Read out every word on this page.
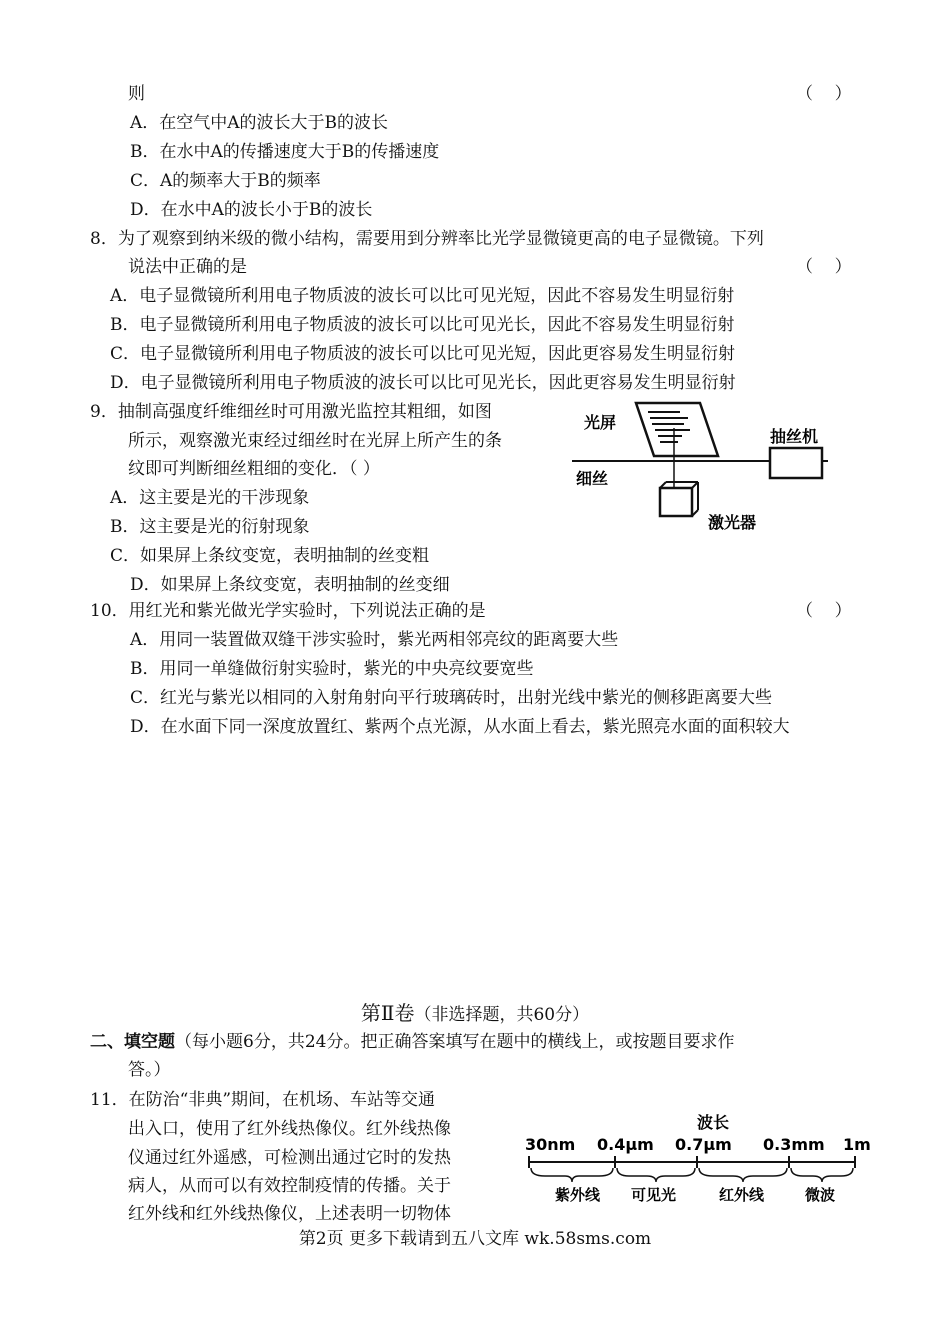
则	（    ）
A．在空气中A的波长大于B的波长
B．在水中A的传播速度大于B的传播速度
C．A的频率大于B的频率
D．在水中A的波长小于B的波长
8．为了观察到纳米级的微小结构，需要用到分辨率比光学显微镜更高的电子显微镜。下列
说法中正确的是	（    ）
A．电子显微镜所利用电子物质波的波长可以比可见光短，因此不容易发生明显衍射
B．电子显微镜所利用电子物质波的波长可以比可见光长，因此不容易发生明显衍射
C．电子显微镜所利用电子物质波的波长可以比可见光短，因此更容易发生明显衍射
D．电子显微镜所利用电子物质波的波长可以比可见光长，因此更容易发生明显衍射
9．抽制高强度纤维细丝时可用激光监控其粗细，如图
所示，观察激光束经过细丝时在光屏上所产生的条
纹即可判断细丝粗细的变化．（ ）
A．这主要是光的干涉现象
B．这主要是光的衍射现象
C．如果屏上条纹变宽，表明抽制的丝变粗
D．如果屏上条纹变宽，表明抽制的丝变细
光屏
抽丝机
细丝
激光器
10．用红光和紫光做光学实验时，下列说法正确的是	（    ）
A．用同一装置做双缝干涉实验时，紫光两相邻亮纹的距离要大些
B．用同一单缝做衍射实验时，紫光的中央亮纹要宽些
C．红光与紫光以相同的入射角射向平行玻璃砖时，出射光线中紫光的侧移距离要大些
D．在水面下同一深度放置红、紫两个点光源，从水面上看去，紫光照亮水面的面积较大
第Ⅱ卷（非选择题，共60分）
二、填空题（每小题6分，共24分。把正确答案填写在题中的横线上，或按题目要求作
答。）
11．在防治“非典”期间，在机场、车站等交通
出入口，使用了红外线热像仪。红外线热像
仪通过红外遥感，可检测出通过它时的发热
病人，从而可以有效控制疫情的传播。关于
红外线和红外线热像仪，上述表明一切物体
波长
30nm 0.4μm 0.7μm 0.3mm 1m
紫外线 可见光	红外线	微波
第2页 更多下载请到五八文库 wk.58sms.com
